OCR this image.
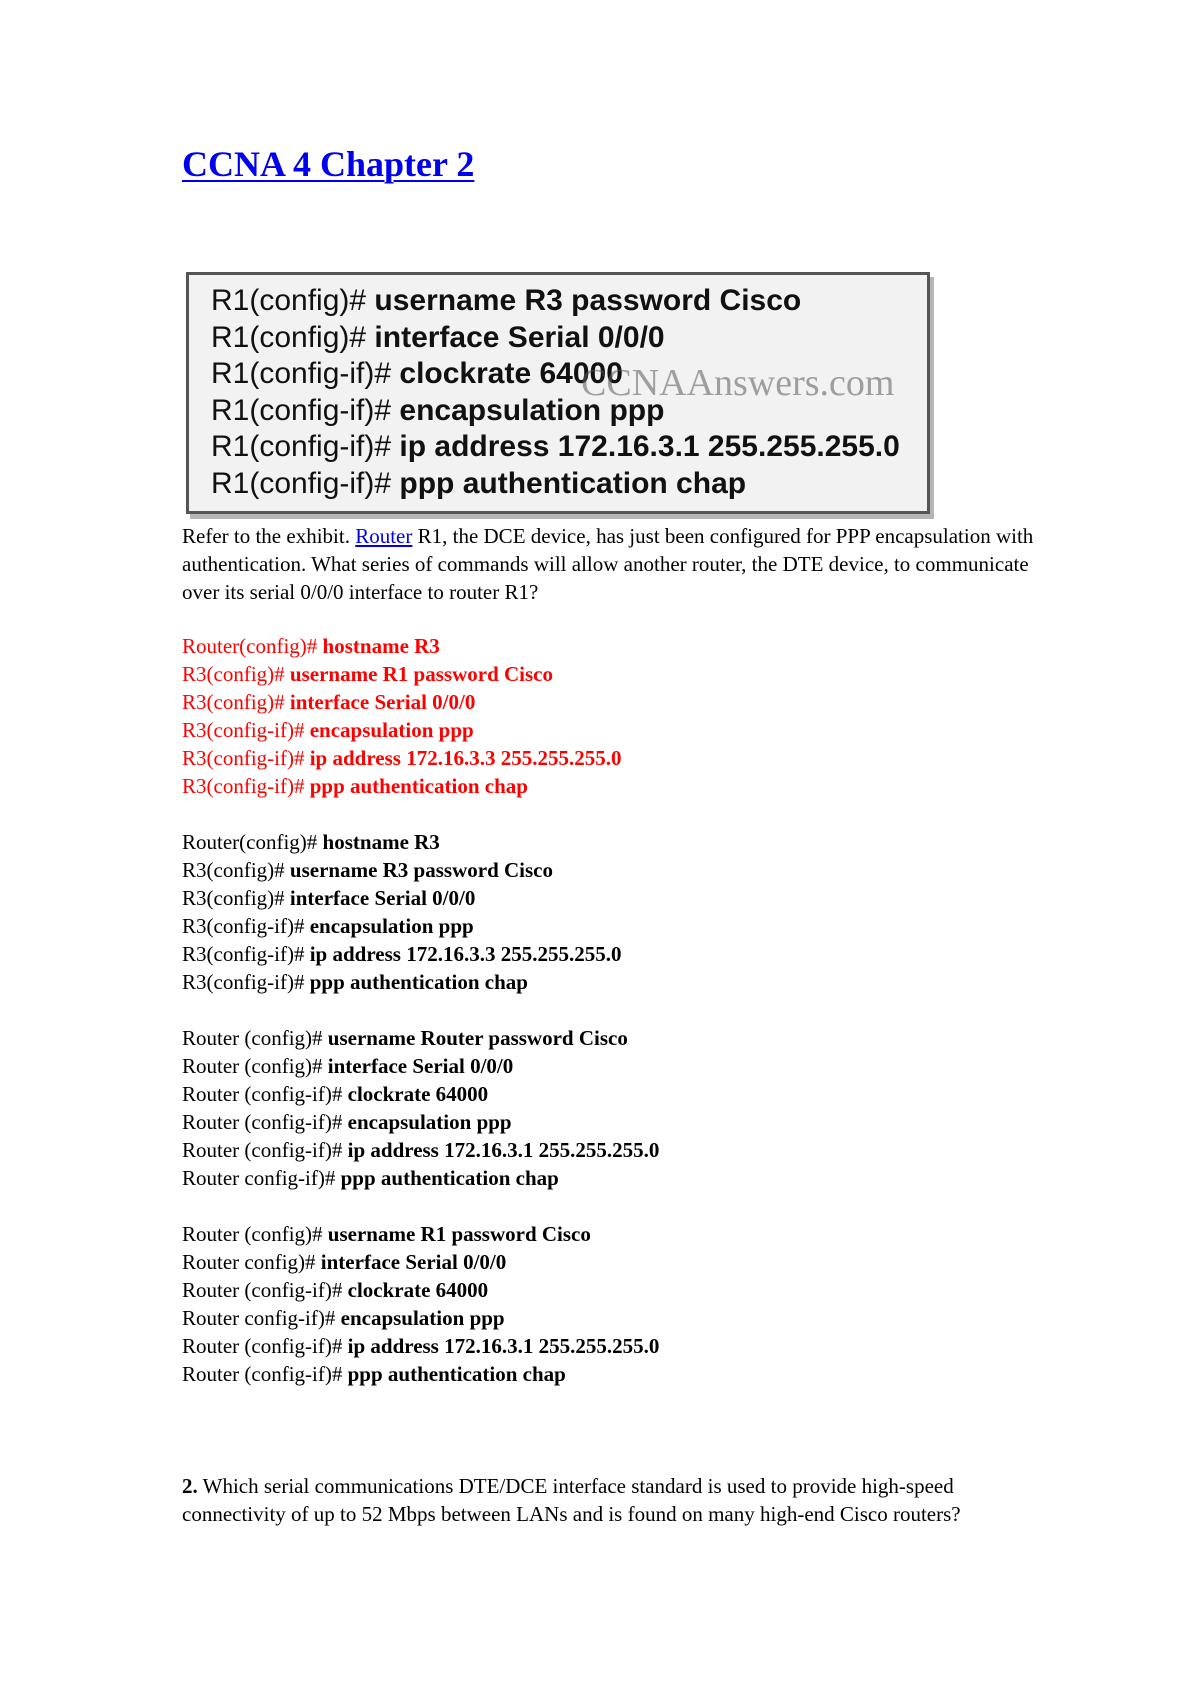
CCNA 4 Chapter 2
R1(config)# username R3 password Cisco
R1(config)# interface Serial 0/0/0
R1(config-if)# clockrate 64000
R1(config-if)# encapsulation ppp
R1(config-if)# ip address 172.16.3.1 255.255.255.0
R1(config-if)# ppp authentication chap
CCNAAnswers.com

Refer to the exhibit. Router R1, the DCE device, has just been configured for PPP encapsulation with authentication. What series of commands will allow another router, the DTE device, to communicate over its serial 0/0/0 interface to router R1?

Router(config)# hostname R3
R3(config)# username R1 password Cisco
R3(config)# interface Serial 0/0/0
R3(config-if)# encapsulation ppp
R3(config-if)# ip address 172.16.3.3 255.255.255.0
R3(config-if)# ppp authentication chap
Router(config)# hostname R3
R3(config)# username R3 password Cisco
R3(config)# interface Serial 0/0/0
R3(config-if)# encapsulation ppp
R3(config-if)# ip address 172.16.3.3 255.255.255.0
R3(config-if)# ppp authentication chap
Router (config)# username Router password Cisco
Router (config)# interface Serial 0/0/0
Router (config-if)# clockrate 64000
Router (config-if)# encapsulation ppp
Router (config-if)# ip address 172.16.3.1 255.255.255.0
Router config-if)# ppp authentication chap
Router (config)# username R1 password Cisco
Router config)# interface Serial 0/0/0
Router (config-if)# clockrate 64000
Router config-if)# encapsulation ppp
Router (config-if)# ip address 172.16.3.1 255.255.255.0
Router (config-if)# ppp authentication chap

2. Which serial communications DTE/DCE interface standard is used to provide high-speed connectivity of up to 52 Mbps between LANs and is found on many high-end Cisco routers?
